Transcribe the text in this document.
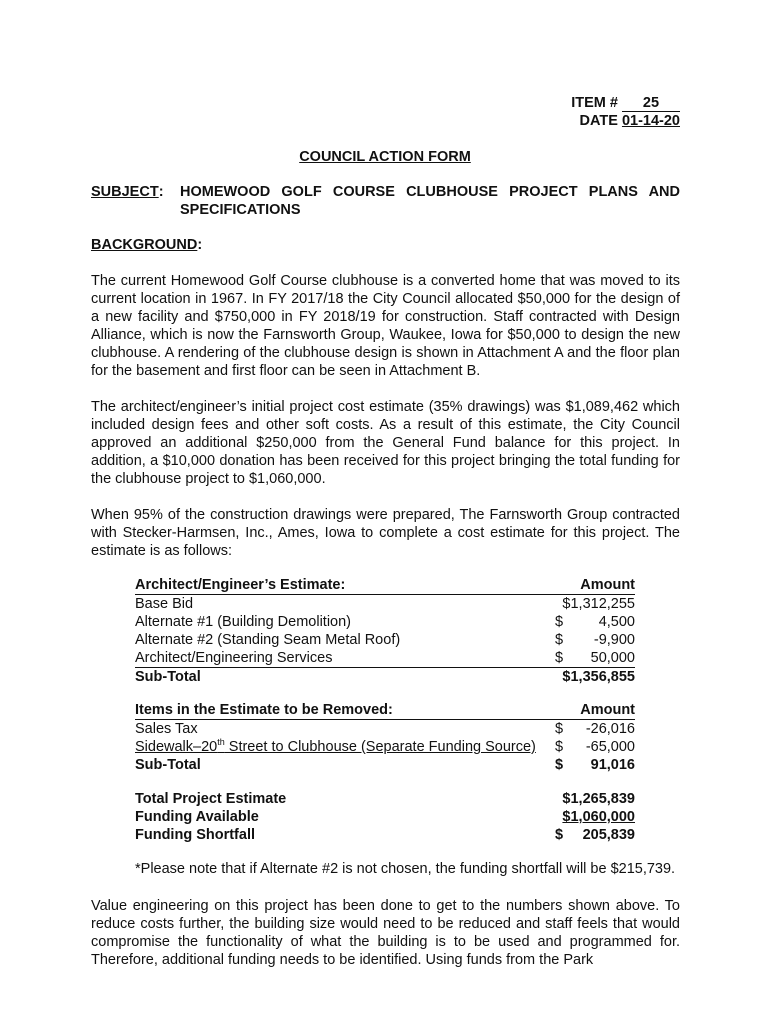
ITEM # 25
DATE 01-14-20
COUNCIL ACTION FORM
SUBJECT:	HOMEWOOD GOLF COURSE CLUBHOUSE PROJECT PLANS AND SPECIFICATIONS
BACKGROUND:
The current Homewood Golf Course clubhouse is a converted home that was moved to its current location in 1967. In FY 2017/18 the City Council allocated $50,000 for the design of a new facility and $750,000 in FY 2018/19 for construction. Staff contracted with Design Alliance, which is now the Farnsworth Group, Waukee, Iowa for $50,000 to design the new clubhouse. A rendering of the clubhouse design is shown in Attachment A and the floor plan for the basement and first floor can be seen in Attachment B.
The architect/engineer’s initial project cost estimate (35% drawings) was $1,089,462 which included design fees and other soft costs. As a result of this estimate, the City Council approved an additional $250,000 from the General Fund balance for this project. In addition, a $10,000 donation has been received for this project bringing the total funding for the clubhouse project to $1,060,000.
When 95% of the construction drawings were prepared, The Farnsworth Group contracted with Stecker-Harmsen, Inc., Ames, Iowa to complete a cost estimate for this project. The estimate is as follows:
Architect/Engineer’s Estimate:	Amount
Base Bid	$1,312,255
Alternate #1 (Building Demolition)	$ 4,500
Alternate #2 (Standing Seam Metal Roof)	$ -9,900
Architect/Engineering Services	$ 50,000
Sub-Total	$1,356,855
Items in the Estimate to be Removed:	Amount
Sales Tax	$ -26,016
Sidewalk–20th Street to Clubhouse (Separate Funding Source)	$ -65,000
Sub-Total	$ 91,016
Total Project Estimate	$1,265,839
Funding Available	$1,060,000
Funding Shortfall	$ 205,839
*Please note that if Alternate #2 is not chosen, the funding shortfall will be $215,739.
Value engineering on this project has been done to get to the numbers shown above. To reduce costs further, the building size would need to be reduced and staff feels that would compromise the functionality of what the building is to be used and programmed for. Therefore, additional funding needs to be identified. Using funds from the Park
